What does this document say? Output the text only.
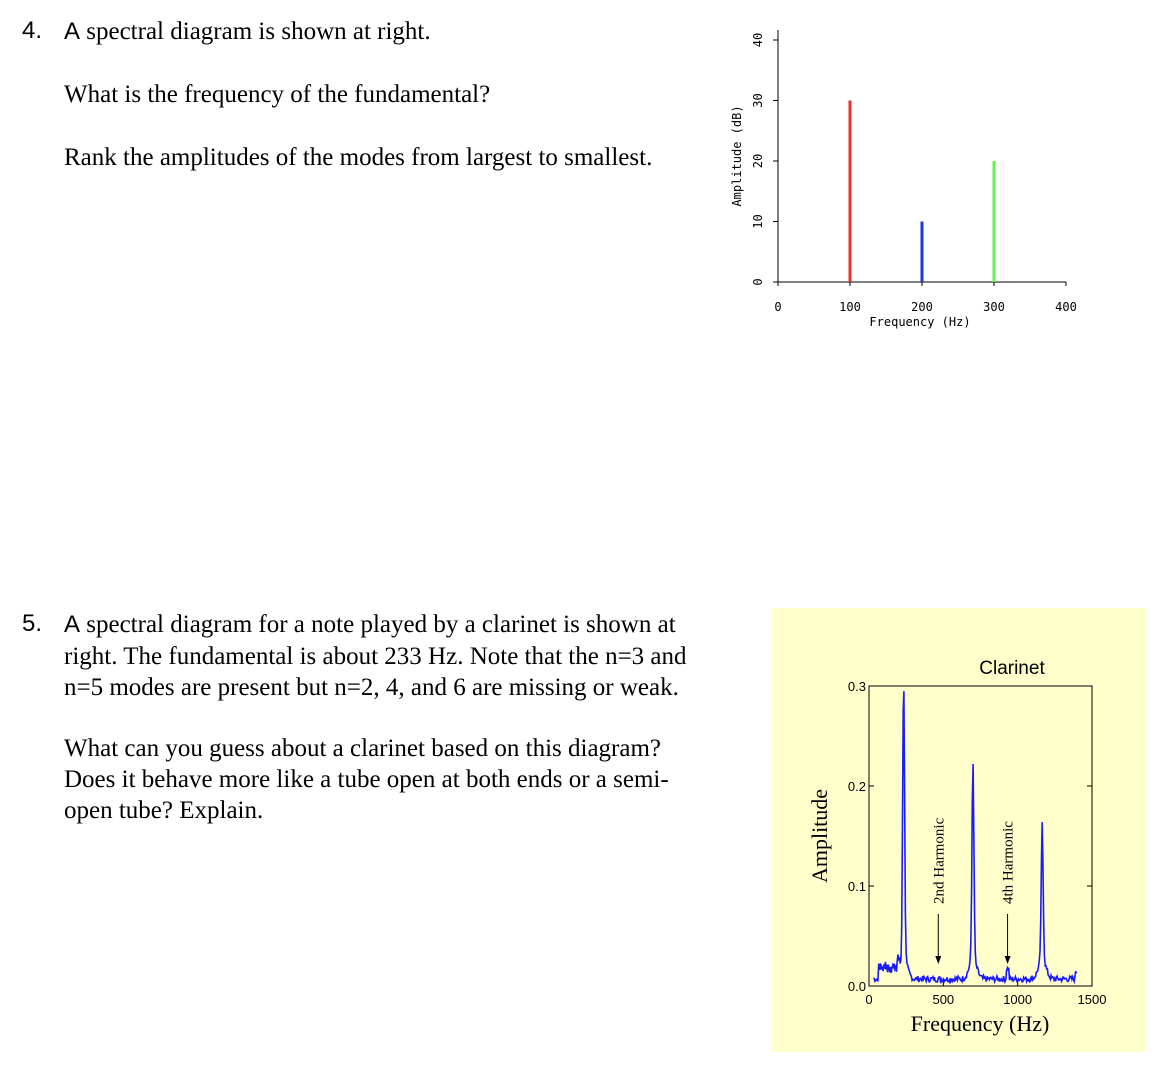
4. A spectral diagram is shown at right.
What is the frequency of the fundamental?
Rank the amplitudes of the modes from largest to smallest.
0
10
20
30
40
0	100	200	300	400
Amplitude (dB)
Frequency (Hz)
5. A spectral diagram for a note played by a clarinet is shown at
right. The fundamental is about 233 Hz. Note that the n=3 and
n=5 modes are present but n=2, 4, and 6 are missing or weak.
What can you guess about a clarinet based on this diagram?
Does it behave more like a tube open at both ends or a semi-
open tube? Explain.
0.0
0.1
0.2
0.3
0	500	1000	1500
2nd Harmonic	4th Harmonic
Clarinet
Amplitude
Frequency (Hz)
